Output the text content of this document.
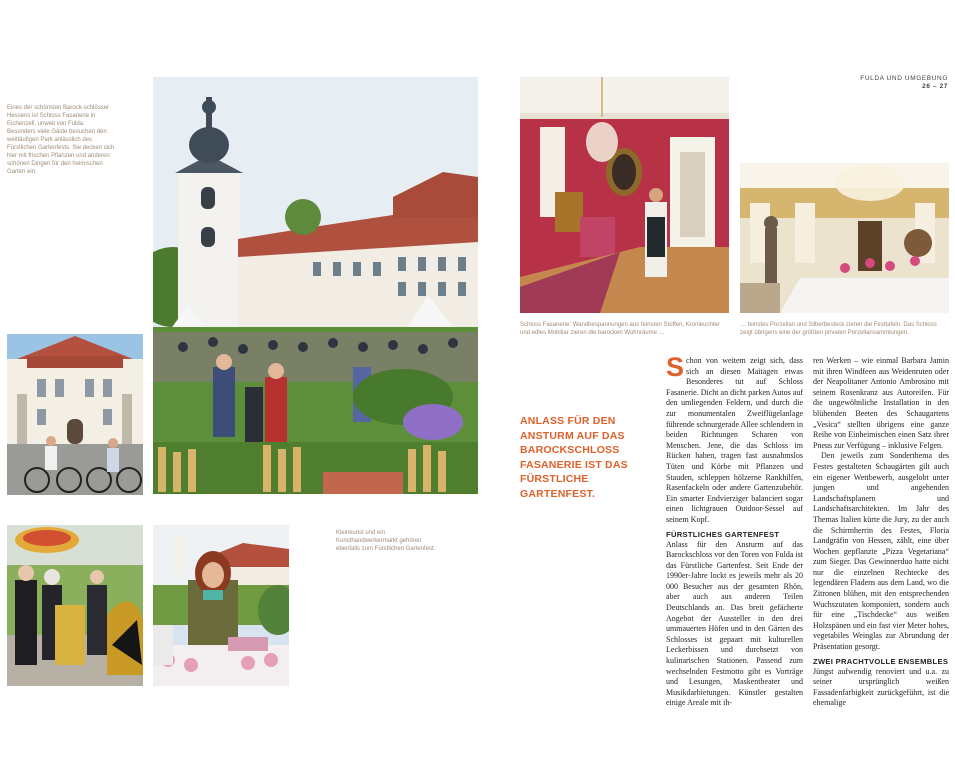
Eines der schönsten Barock-schlösser Hessens ist Schloss Fasanerie in Eichenzell, unweit von Fulda. Besonders viele Gäste besuchen den weitläufigen Park anlässlich des Fürstlichen Gartenfests. Sie decken sich hier mit frischen Pflanzen und anderen schönen Dingen für den heimischen Garten ein.
Kleinkunst und ein Kunsthandwerkermarkt gehören ebenfalls zum Fürstlichen Gartenfest.
FULDA UND UMGEBUNG
26 – 27
Schloss Fasanerie: Wandbespannungen aus feinsten Stoffen, Kronleuchter und edles Mobiliar zieren die barocken Wohnräume …
… feinstes Porzellan und Silberbesteck zieren die Festtafeln. Das Schloss zeigt übrigens eine der größten privaten Porzellansammlungen.
ANLASS FÜR DEN ANSTURM AUF DAS BAROCKSCHLOSS FASANERIE IST DAS FÜRSTLICHE GARTENFEST.

Schon von weitem zeigt sich, dass sich an diesen Maitagen etwas Besonderes tut auf Schloss Fasanerie. Dicht an dicht parken Autos auf den umliegenden Feldern, und durch die zur monumentalen Zweiflügelanlage führende schnurgerade Allee schlendern in beiden Richtungen Scharen von Menschen. Jene, die das Schloss im Rücken haben, tragen fast ausnahmslos Tüten und Körbe mit Pflanzen und Stauden, schleppen hölzerne Rankhilfen, Rasenfackeln oder andere Gartenzubehör. Ein smarter Endvierziger balanciert sogar einen lichtgrauen Outdoor-Sessel auf seinem Kopf.

FÜRSTLICHES GARTENFEST

Anlass für den Ansturm auf das Barockschloss vor den Toren von Fulda ist das Fürstliche Gartenfest. Seit Ende der 1990er-Jahre lockt es jeweils mehr als 20 000 Besucher aus der gesamten Rhön, aber auch aus anderen Teilen Deutschlands an. Das breit gefächerte Angebot der Aussteller in den drei ummauerten Höfen und in den Gärten des Schlosses ist gepaart mit kulturellen Leckerbissen und durchsetzt von kulinarischen Stationen. Passend zum wechselnden Festmotto gibt es Vorträge und Lesungen, Maskentheater und Musikdarbietungen. Künstler gestalten einige Areale mit ih-

ren Werken – wie einmal Barbara Jamin mit ihren Windfeen aus Weidenruten oder der Neapolitaner Antonio Ambrosino mit seinem Rosenkranz aus Autoreifen. Für die ungewöhnliche Installation in den blühenden Beeten des Schaugartens „Vesica“ stellten übrigens eine ganze Reihe von Einheimischen einen Satz ihrer Pneus zur Verfügung – inklusive Felgen.

Den jeweils zum Sonderthema des Festes gestalteten Schaugärten gilt auch ein eigener Wettbewerb, ausgelobt unter jungen und angehenden Landschaftsplanern und Landschaftsarchitekten. Im Jahr des Themas Italien kürte die Jury, zu der auch die Schirmherrin des Festes, Floria Landgräfin von Hessen, zählt, eine über Wochen gepflanzte „Pizza Vegetariana“ zum Sieger. Das Gewinnerduo hatte nicht nur die einzelnen Rechtecke des legendären Fladens aus dem Land, wo die Zitronen blühen, mit den entsprechenden Wuchszutaten komponiert, sondern auch für eine „Tischdecke“ aus weißen Holzspänen und ein fast vier Meter hohes, vegetabiles Weinglas zur Abrundung der Präsentation gesorgt.

ZWEI PRACHTVOLLE ENSEMBLES

Jüngst aufwendig renoviert und u.a. zu seiner ursprünglich weißen Fassadenfarbigkeit zurückgeführt, ist die ehemalige
